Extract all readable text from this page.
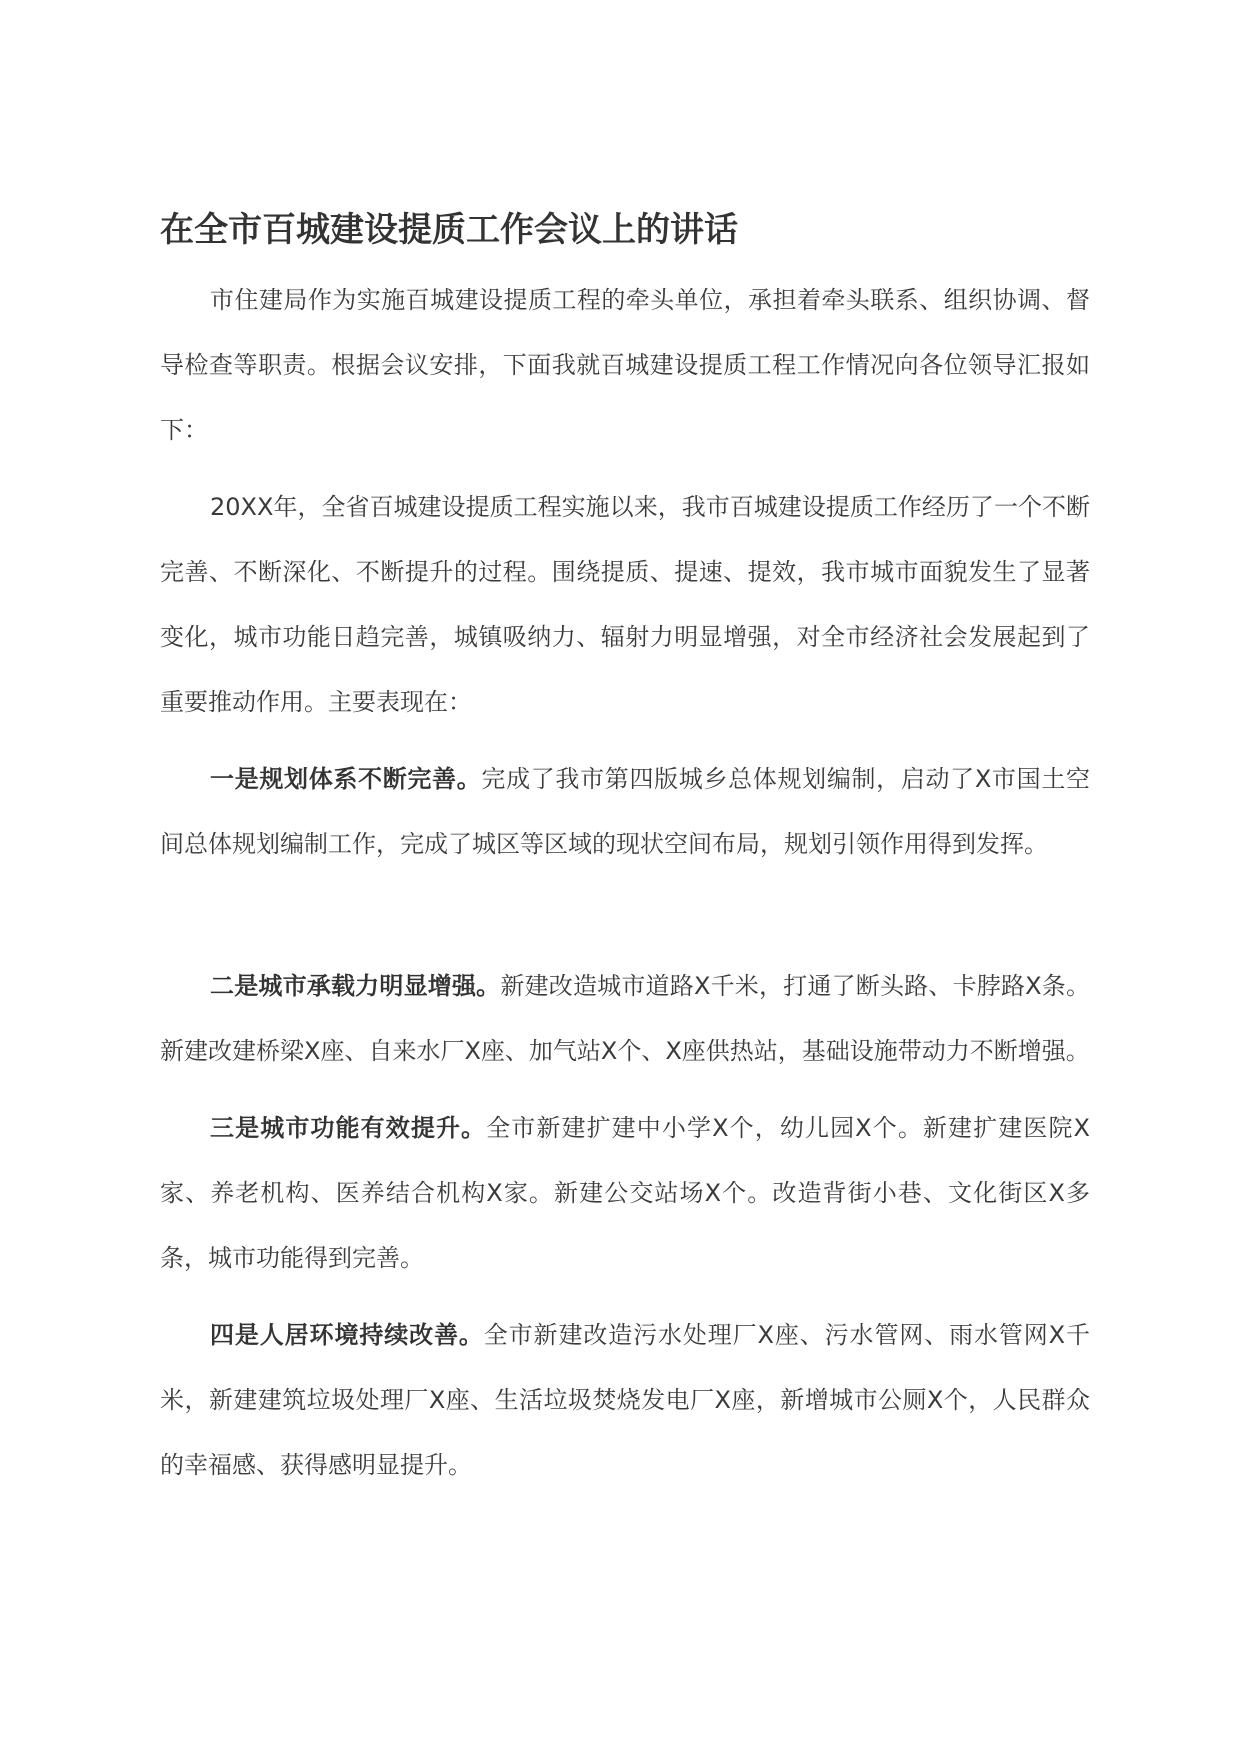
在全市百城建设提质工作会议上的讲话

市住建局作为实施百城建设提质工程的牵头单位，承担着牵头联系、组织协调、督导检查等职责。根据会议安排，下面我就百城建设提质工程工作情况向各位领导汇报如下：

20XX年，全省百城建设提质工程实施以来，我市百城建设提质工作经历了一个不断完善、不断深化、不断提升的过程。围绕提质、提速、提效，我市城市面貌发生了显著变化，城市功能日趋完善，城镇吸纳力、辐射力明显增强，对全市经济社会发展起到了重要推动作用。主要表现在：

一是规划体系不断完善。完成了我市第四版城乡总体规划编制，启动了X市国土空间总体规划编制工作，完成了城区等区域的现状空间布局，规划引领作用得到发挥。

二是城市承载力明显增强。新建改造城市道路X千米，打通了断头路、卡脖路X条。新建改建桥梁X座、自来水厂X座、加气站X个、X座供热站，基础设施带动力不断增强。

三是城市功能有效提升。全市新建扩建中小学X个，幼儿园X个。新建扩建医院X家、养老机构、医养结合机构X家。新建公交站场X个。改造背街小巷、文化街区X多条，城市功能得到完善。

四是人居环境持续改善。全市新建改造污水处理厂X座、污水管网、雨水管网X千米，新建建筑垃圾处理厂X座、生活垃圾焚烧发电厂X座，新增城市公厕X个，人民群众的幸福感、获得感明显提升。
